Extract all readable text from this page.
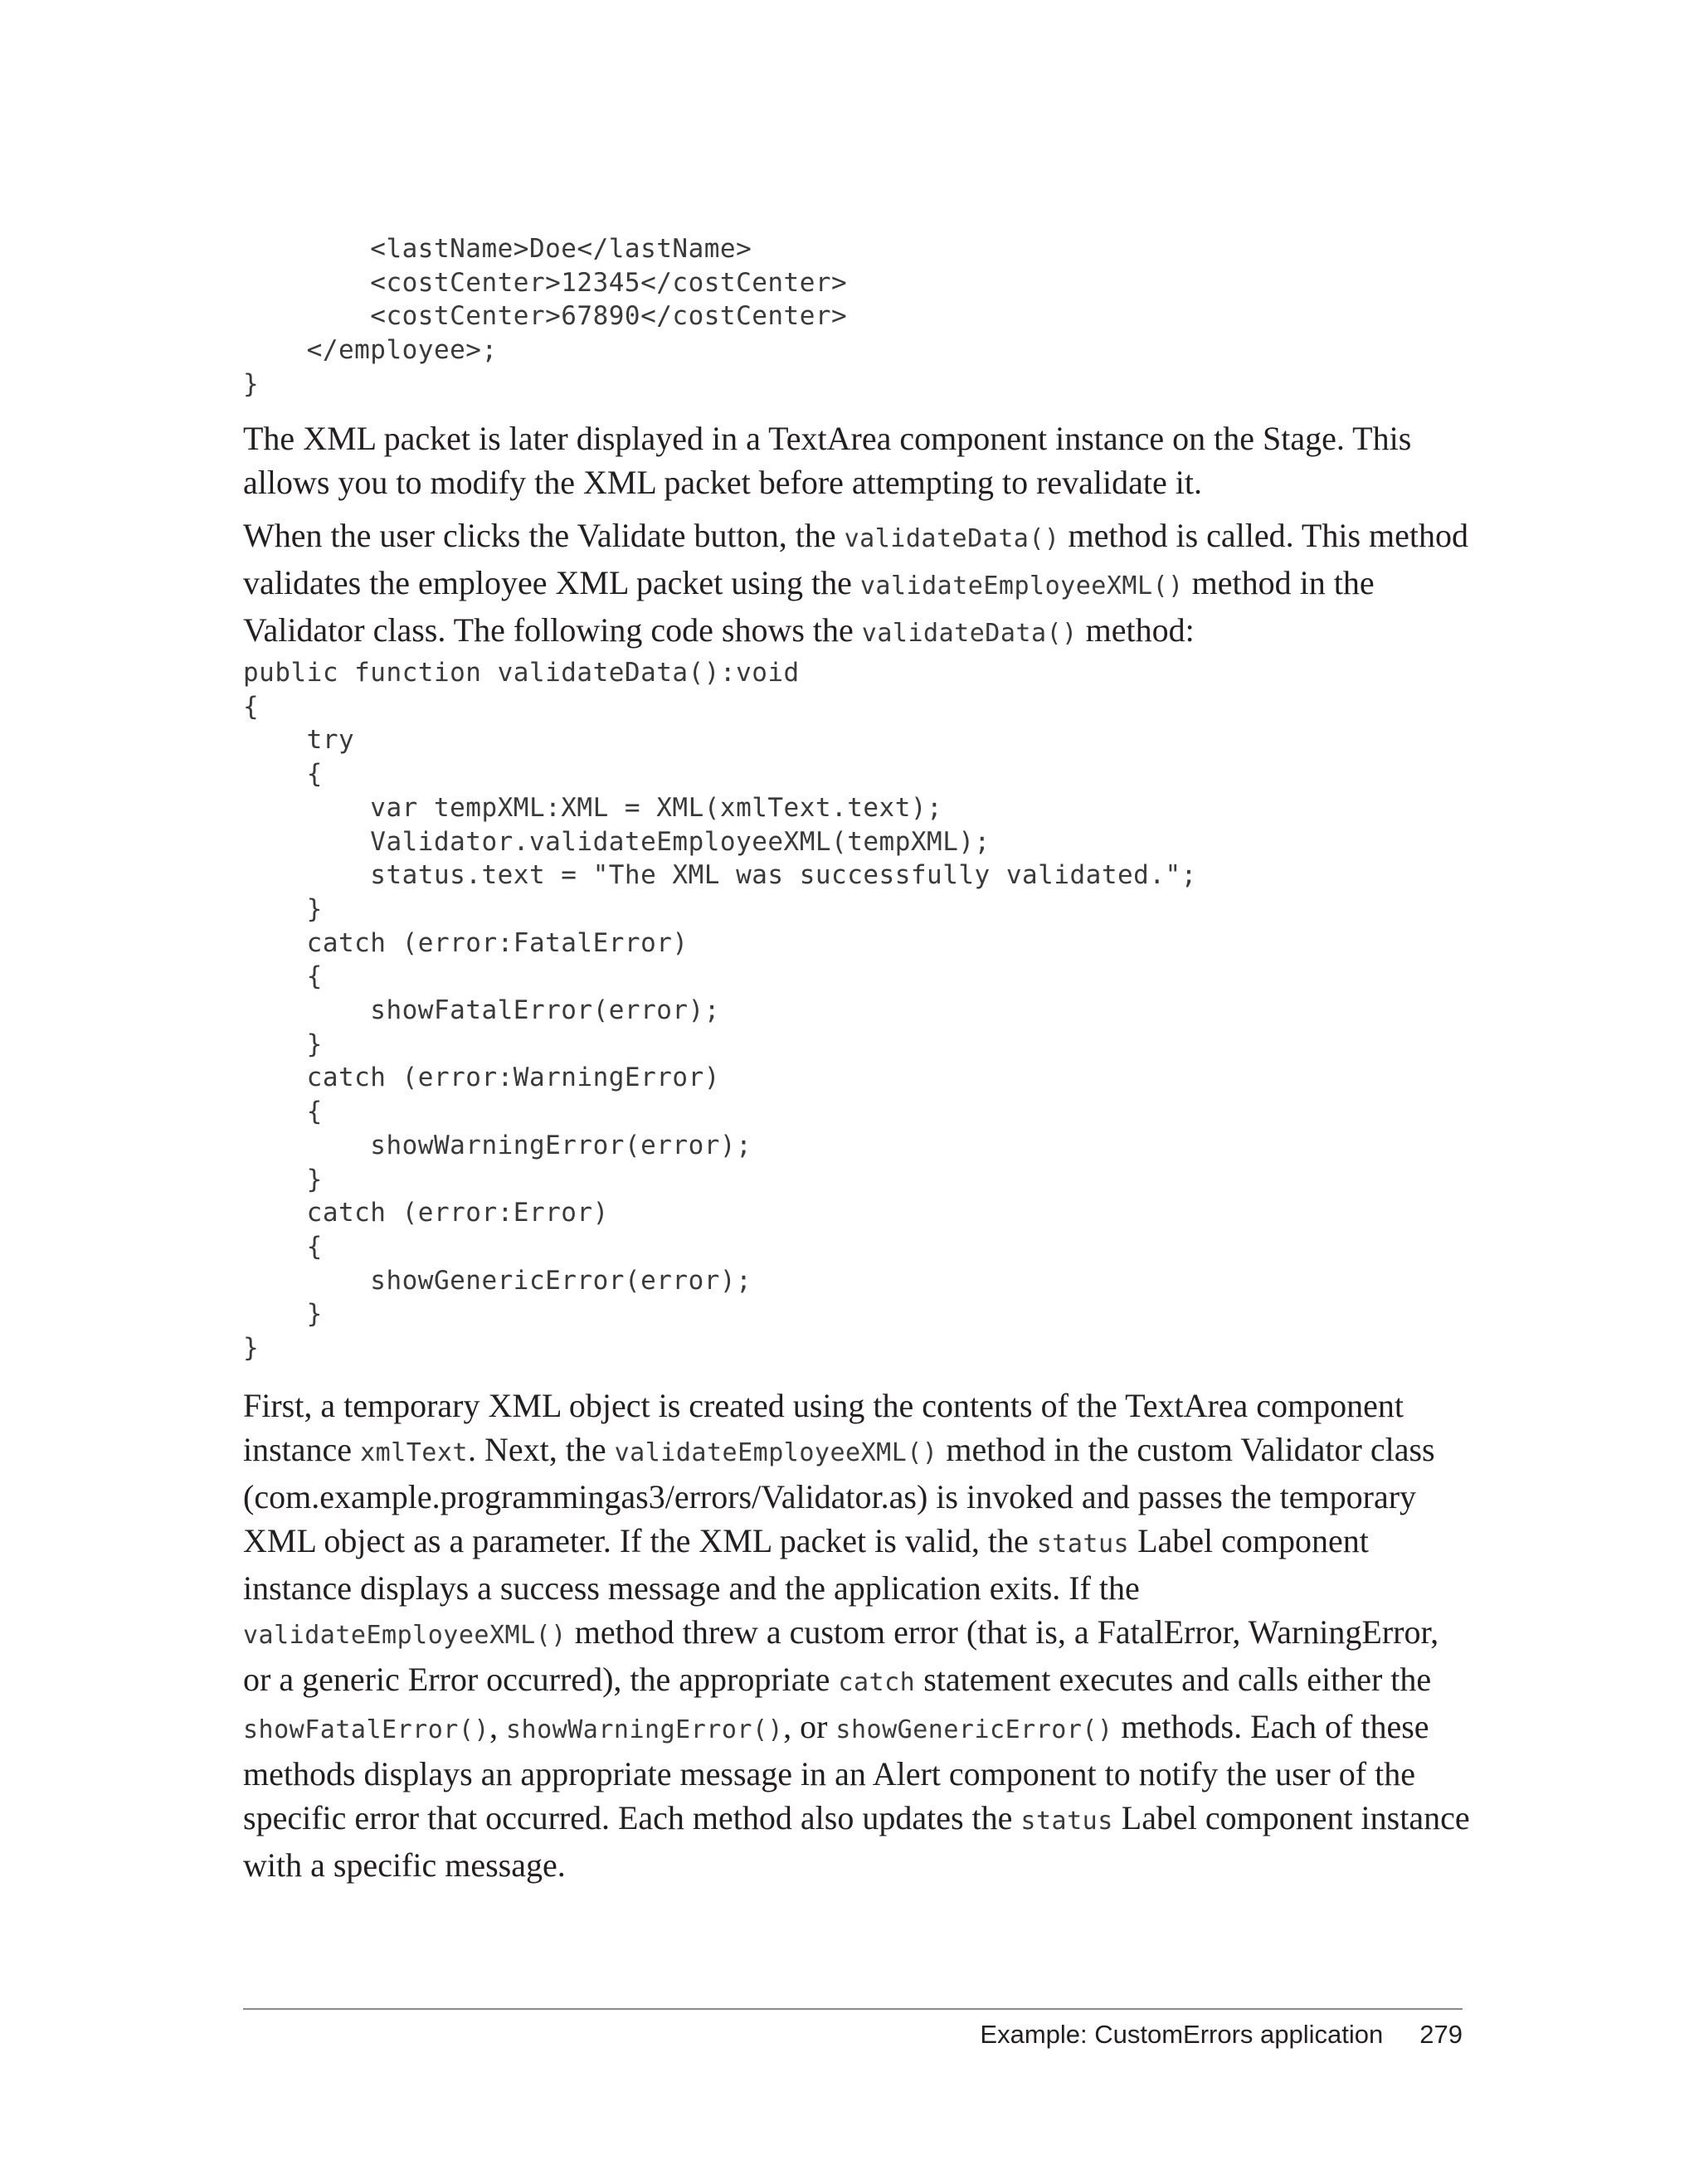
<lastName>Doe</lastName>
<costCenter>12345</costCenter>
<costCenter>67890</costCenter>
</employee>;
}

The XML packet is later displayed in a TextArea component instance on the Stage. This allows you to modify the XML packet before attempting to revalidate it.

When the user clicks the Validate button, the validateData() method is called. This method validates the employee XML packet using the validateEmployeeXML() method in the Validator class. The following code shows the validateData() method:

public function validateData():void
{
try
{
var tempXML:XML = XML(xmlText.text);
Validator.validateEmployeeXML(tempXML);
status.text = "The XML was successfully validated.";
}
catch (error:FatalError)
{
showFatalError(error);
}
catch (error:WarningError)
{
showWarningError(error);
}
catch (error:Error)
{
showGenericError(error);
}
}

First, a temporary XML object is created using the contents of the TextArea component instance xmlText. Next, the validateEmployeeXML() method in the custom Validator class (com.example.programmingas3/errors/Validator.as) is invoked and passes the temporary XML object as a parameter. If the XML packet is valid, the status Label component instance displays a success message and the application exits. If the validateEmployeeXML() method threw a custom error (that is, a FatalError, WarningError, or a generic Error occurred), the appropriate catch statement executes and calls either the showFatalError(), showWarningError(), or showGenericError() methods. Each of these methods displays an appropriate message in an Alert component to notify the user of the specific error that occurred. Each method also updates the status Label component instance with a specific message.

Example: CustomErrors application 279
